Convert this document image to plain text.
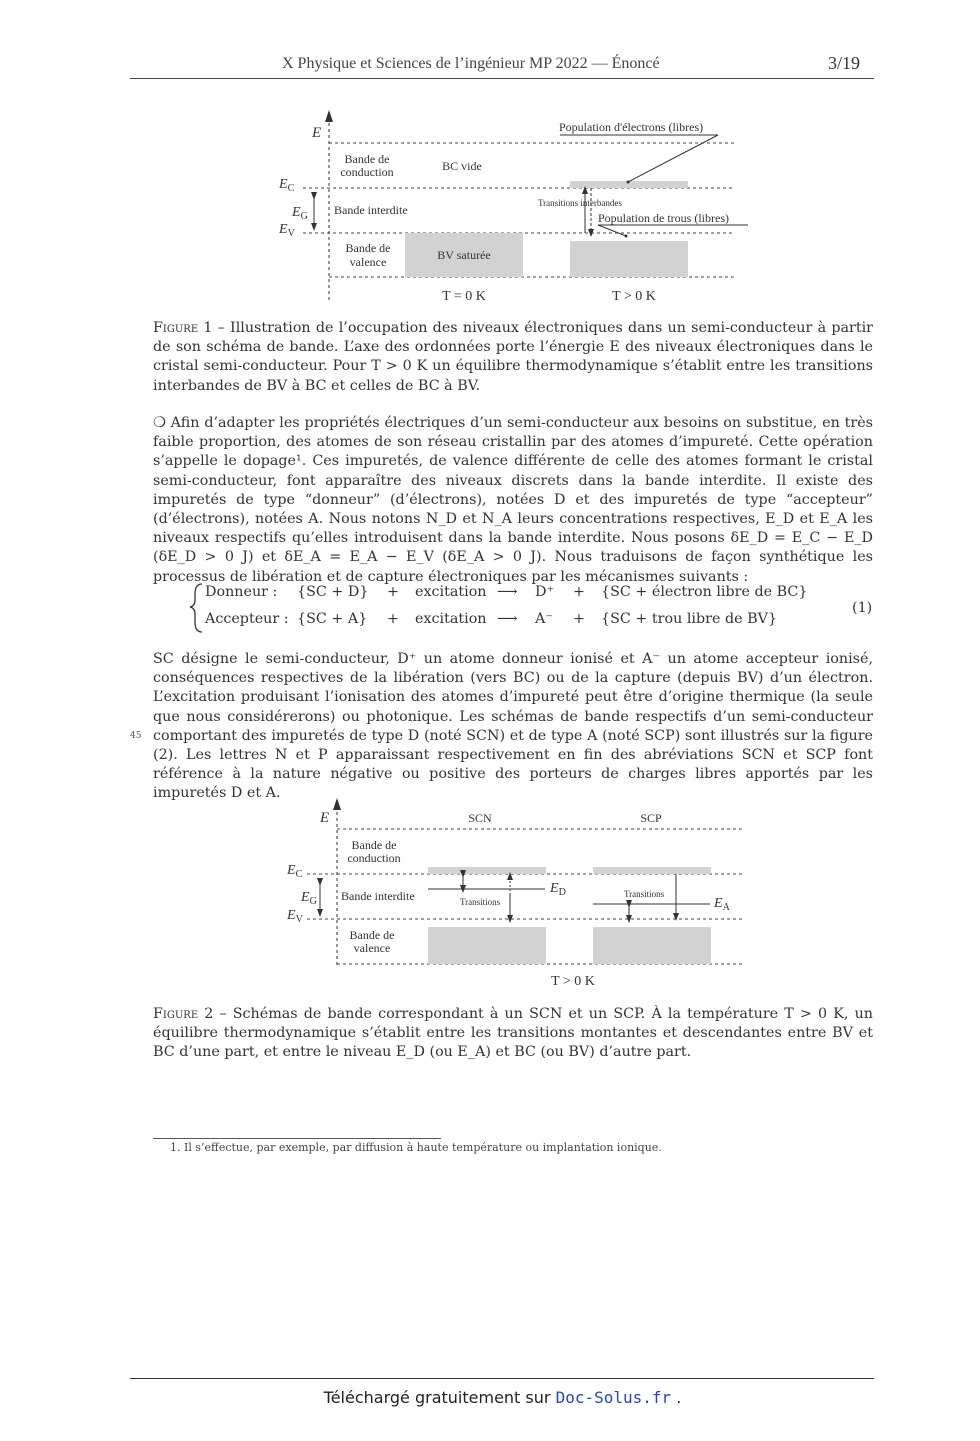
X Physique et Sciences de l’ingénieur MP 2022 — Énoncé	3/19
E
$E_C$
$E_G$
$E_V$
Bande de
conduction	BC vide
Bande interdite
Bande de
valence	BV saturée
Population d'électrons (libres)
Transitions interbandes
Population de trous (libres)
T = 0 K	T > 0 K
Figure 1 – Illustration de l’occupation des niveaux électroniques dans un semi-conducteur à partir de son schéma de bande. L’axe des ordonnées porte l’énergie E des niveaux électroniques dans le cristal semi-conducteur. Pour T > 0 K un équilibre thermodynamique s’établit entre les transitions interbandes de BV à BC et celles de BC à BV.
❍ Afin d’adapter les propriétés électriques d’un semi-conducteur aux besoins on substitue, en très faible proportion, des atomes de son réseau cristallin par des atomes d’impureté. Cette opération s’appelle le dopage¹. Ces impuretés, de valence différente de celle des atomes formant le cristal semi-conducteur, font apparaître des niveaux discrets dans la bande interdite. Il existe des impuretés de type “donneur” (d’électrons), notées D et des impuretés de type “accepteur” (d’électrons), notées A. Nous notons N_D et N_A leurs concentrations respectives, E_D et E_A les niveaux respectifs qu’elles introduisent dans la bande interdite. Nous posons δE_D = E_C − E_D (δE_D > 0 J) et δE_A = E_A − E_V (δE_A > 0 J). Nous traduisons de façon synthétique les processus de libération et de capture électroniques par les mécanismes suivants :
Donneur : {SC + D} + excitation ⟶ D⁺ + {SC + électron libre de BC}
Accepteur : {SC + A} + excitation ⟶ A⁻ + {SC + trou libre de BV}
(1)
SC désigne le semi-conducteur, D⁺ un atome donneur ionisé et A⁻ un atome accepteur ionisé, conséquences respectives de la libération (vers BC) ou de la capture (depuis BV) d’un électron. L’excitation produisant l’ionisation des atomes d’impureté peut être d’origine thermique (la seule que nous considérerons) ou photonique. Les schémas de bande respectifs d’un semi-conducteur comportant des impuretés de type D (noté SCN) et de type A (noté SCP) sont illustrés sur la figure (2). Les lettres N et P apparaissant respectivement en fin des abréviations SCN et SCP font référence à la nature négative ou positive des porteurs de charges libres apportés par les impuretés D et A.
45
E	SCN	SCP
$E_C$
$E_G$
$E_V$
Bande de
conduction
Bande interdite
Bande de
valence
Transitions
Transitions
$E_D$
$E_A$
T > 0 K
Figure 2 – Schémas de bande correspondant à un SCN et un SCP. À la température T > 0 K, un équilibre thermodynamique s’établit entre les transitions montantes et descendantes entre BV et BC d’une part, et entre le niveau E_D (ou E_A) et BC (ou BV) d’autre part.
1. Il s’effectue, par exemple, par diffusion à haute température ou implantation ionique.
Téléchargé gratuitement sur Doc-Solus.fr .
